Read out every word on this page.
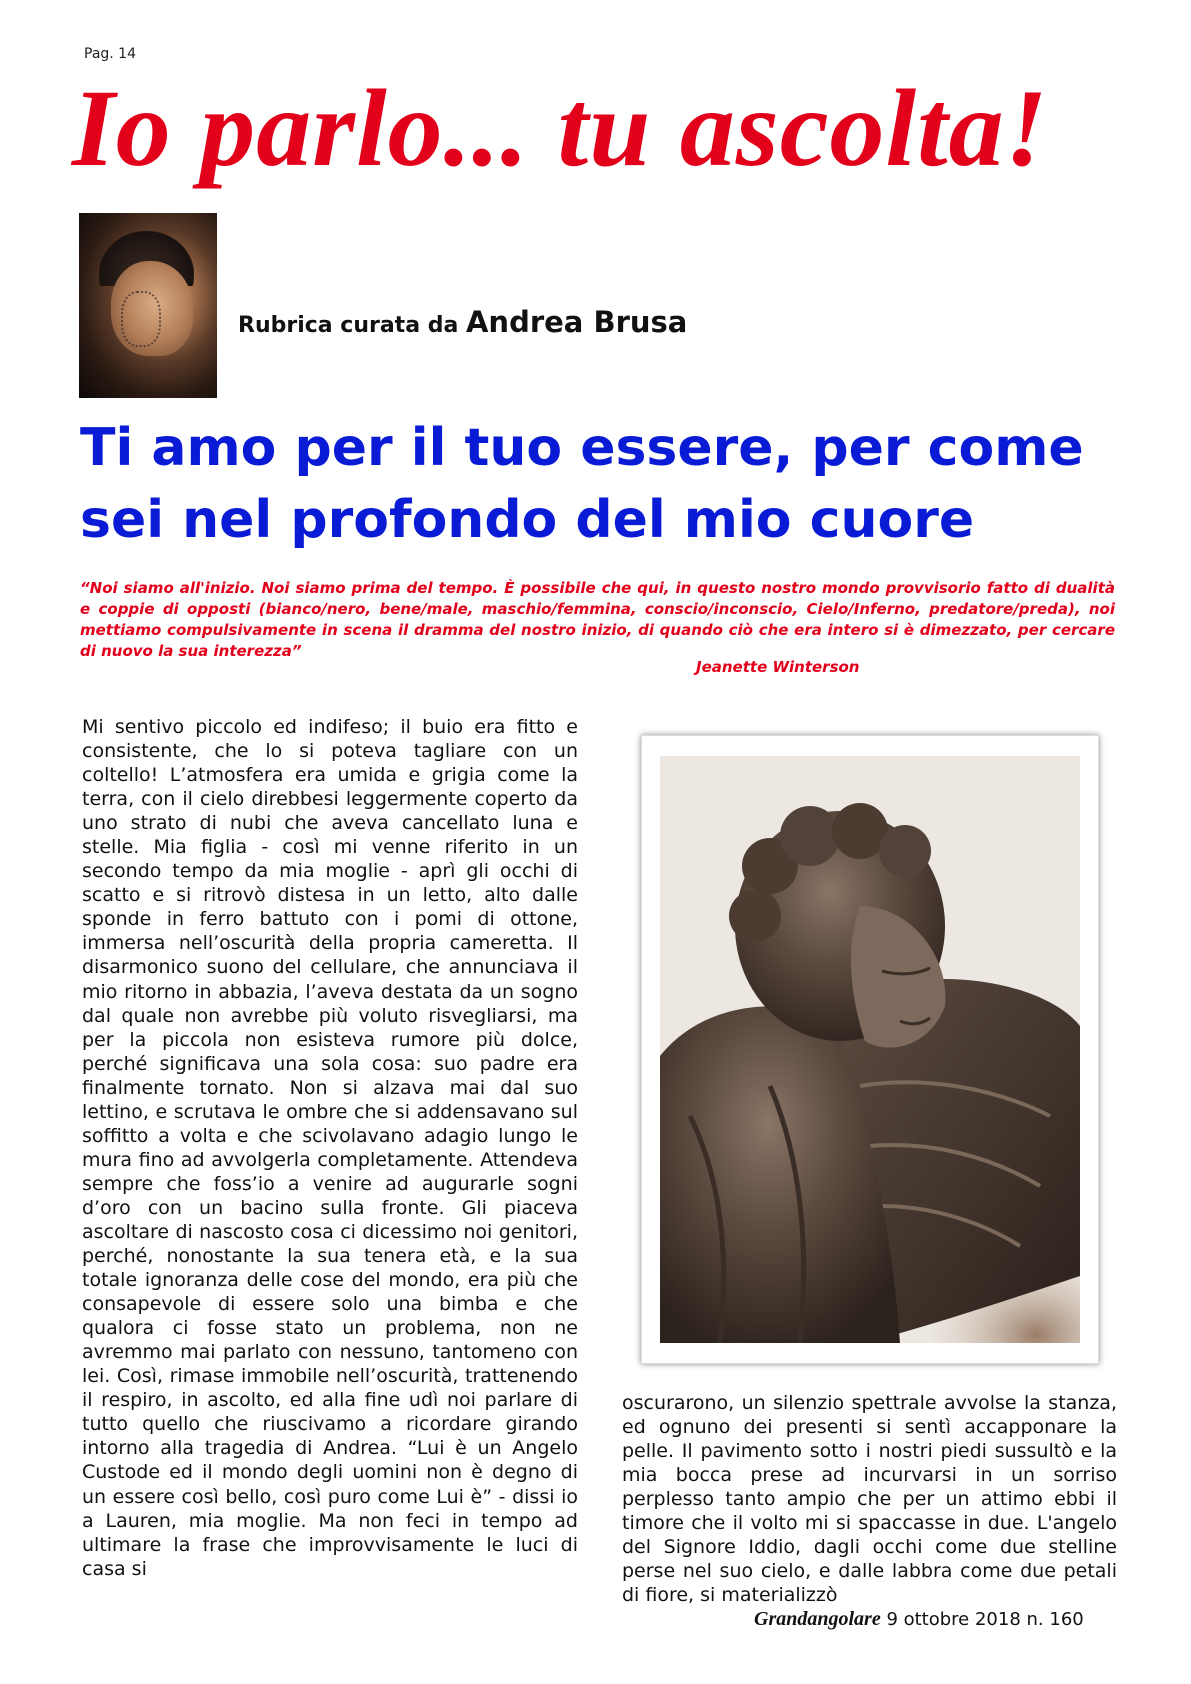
Pag. 14
Io parlo... tu ascolta!
Rubrica curata da Andrea Brusa
Ti amo per il tuo essere, per come sei nel profondo del mio cuore
“Noi siamo all'inizio. Noi siamo prima del tempo. È possibile che qui, in questo nostro mondo provvisorio fatto di dualità e coppie di opposti (bianco/nero, bene/male, maschio/femmina, conscio/inconscio, Cielo/Inferno, predatore/preda), noi mettiamo compulsivamente in scena il dramma del nostro inizio, di quando ciò che era intero si è dimezzato, per cercare di nuovo la sua interezza”
Jeanette Winterson
Mi sentivo piccolo ed indifeso; il buio era fitto e consistente, che lo si poteva tagliare con un coltello! L’atmosfera era umida e grigia come la terra, con il cielo direbbesi leggermente coperto da uno strato di nubi che aveva cancellato luna e stelle. Mia figlia - così mi venne riferito in un secondo tempo da mia moglie - aprì gli occhi di scatto e si ritrovò distesa in un letto, alto dalle sponde in ferro battuto con i pomi di ottone, immersa nell’oscurità della propria cameretta. Il disarmonico suono del cellulare, che annunciava il mio ritorno in abbazia, l’aveva destata da un sogno dal quale non avrebbe più voluto risvegliarsi, ma per la piccola non esisteva rumore più dolce, perché significava una sola cosa: suo padre era finalmente tornato. Non si alzava mai dal suo lettino, e scrutava le ombre che si addensavano sul soffitto a volta e che scivolavano adagio lungo le mura fino ad avvolgerla completamente. Attendeva sempre che foss’io a venire ad augurarle sogni d’oro con un bacino sulla fronte. Gli piaceva ascoltare di nascosto cosa ci dicessimo noi genitori, perché, nonostante la sua tenera età, e la sua totale ignoranza delle cose del mondo, era più che consapevole di essere solo una bimba e che qualora ci fosse stato un problema, non ne avremmo mai parlato con nessuno, tantomeno con lei. Così, rimase immobile nell’oscurità, trattenendo il respiro, in ascolto, ed alla fine udì noi parlare di tutto quello che riuscivamo a ricordare girando intorno alla tragedia di Andrea. “Lui è un Angelo Custode ed il mondo degli uomini non è degno di un essere così bello, così puro come Lui è” - dissi io a Lauren, mia moglie. Ma non feci in tempo ad ultimare la frase che improvvisamente le luci di casa si
oscurarono, un silenzio spettrale avvolse la stanza, ed ognuno dei presenti si sentì accapponare la pelle. Il pavimento sotto i nostri piedi sussultò e la mia bocca prese ad incurvarsi in un sorriso perplesso tanto ampio che per un attimo ebbi il timore che il volto mi si spaccasse in due. L'angelo del Signore Iddio, dagli occhi come due stelline perse nel suo cielo, e dalle labbra come due petali di fiore, si materializzò
Grandangolare 9 ottobre 2018 n. 160
